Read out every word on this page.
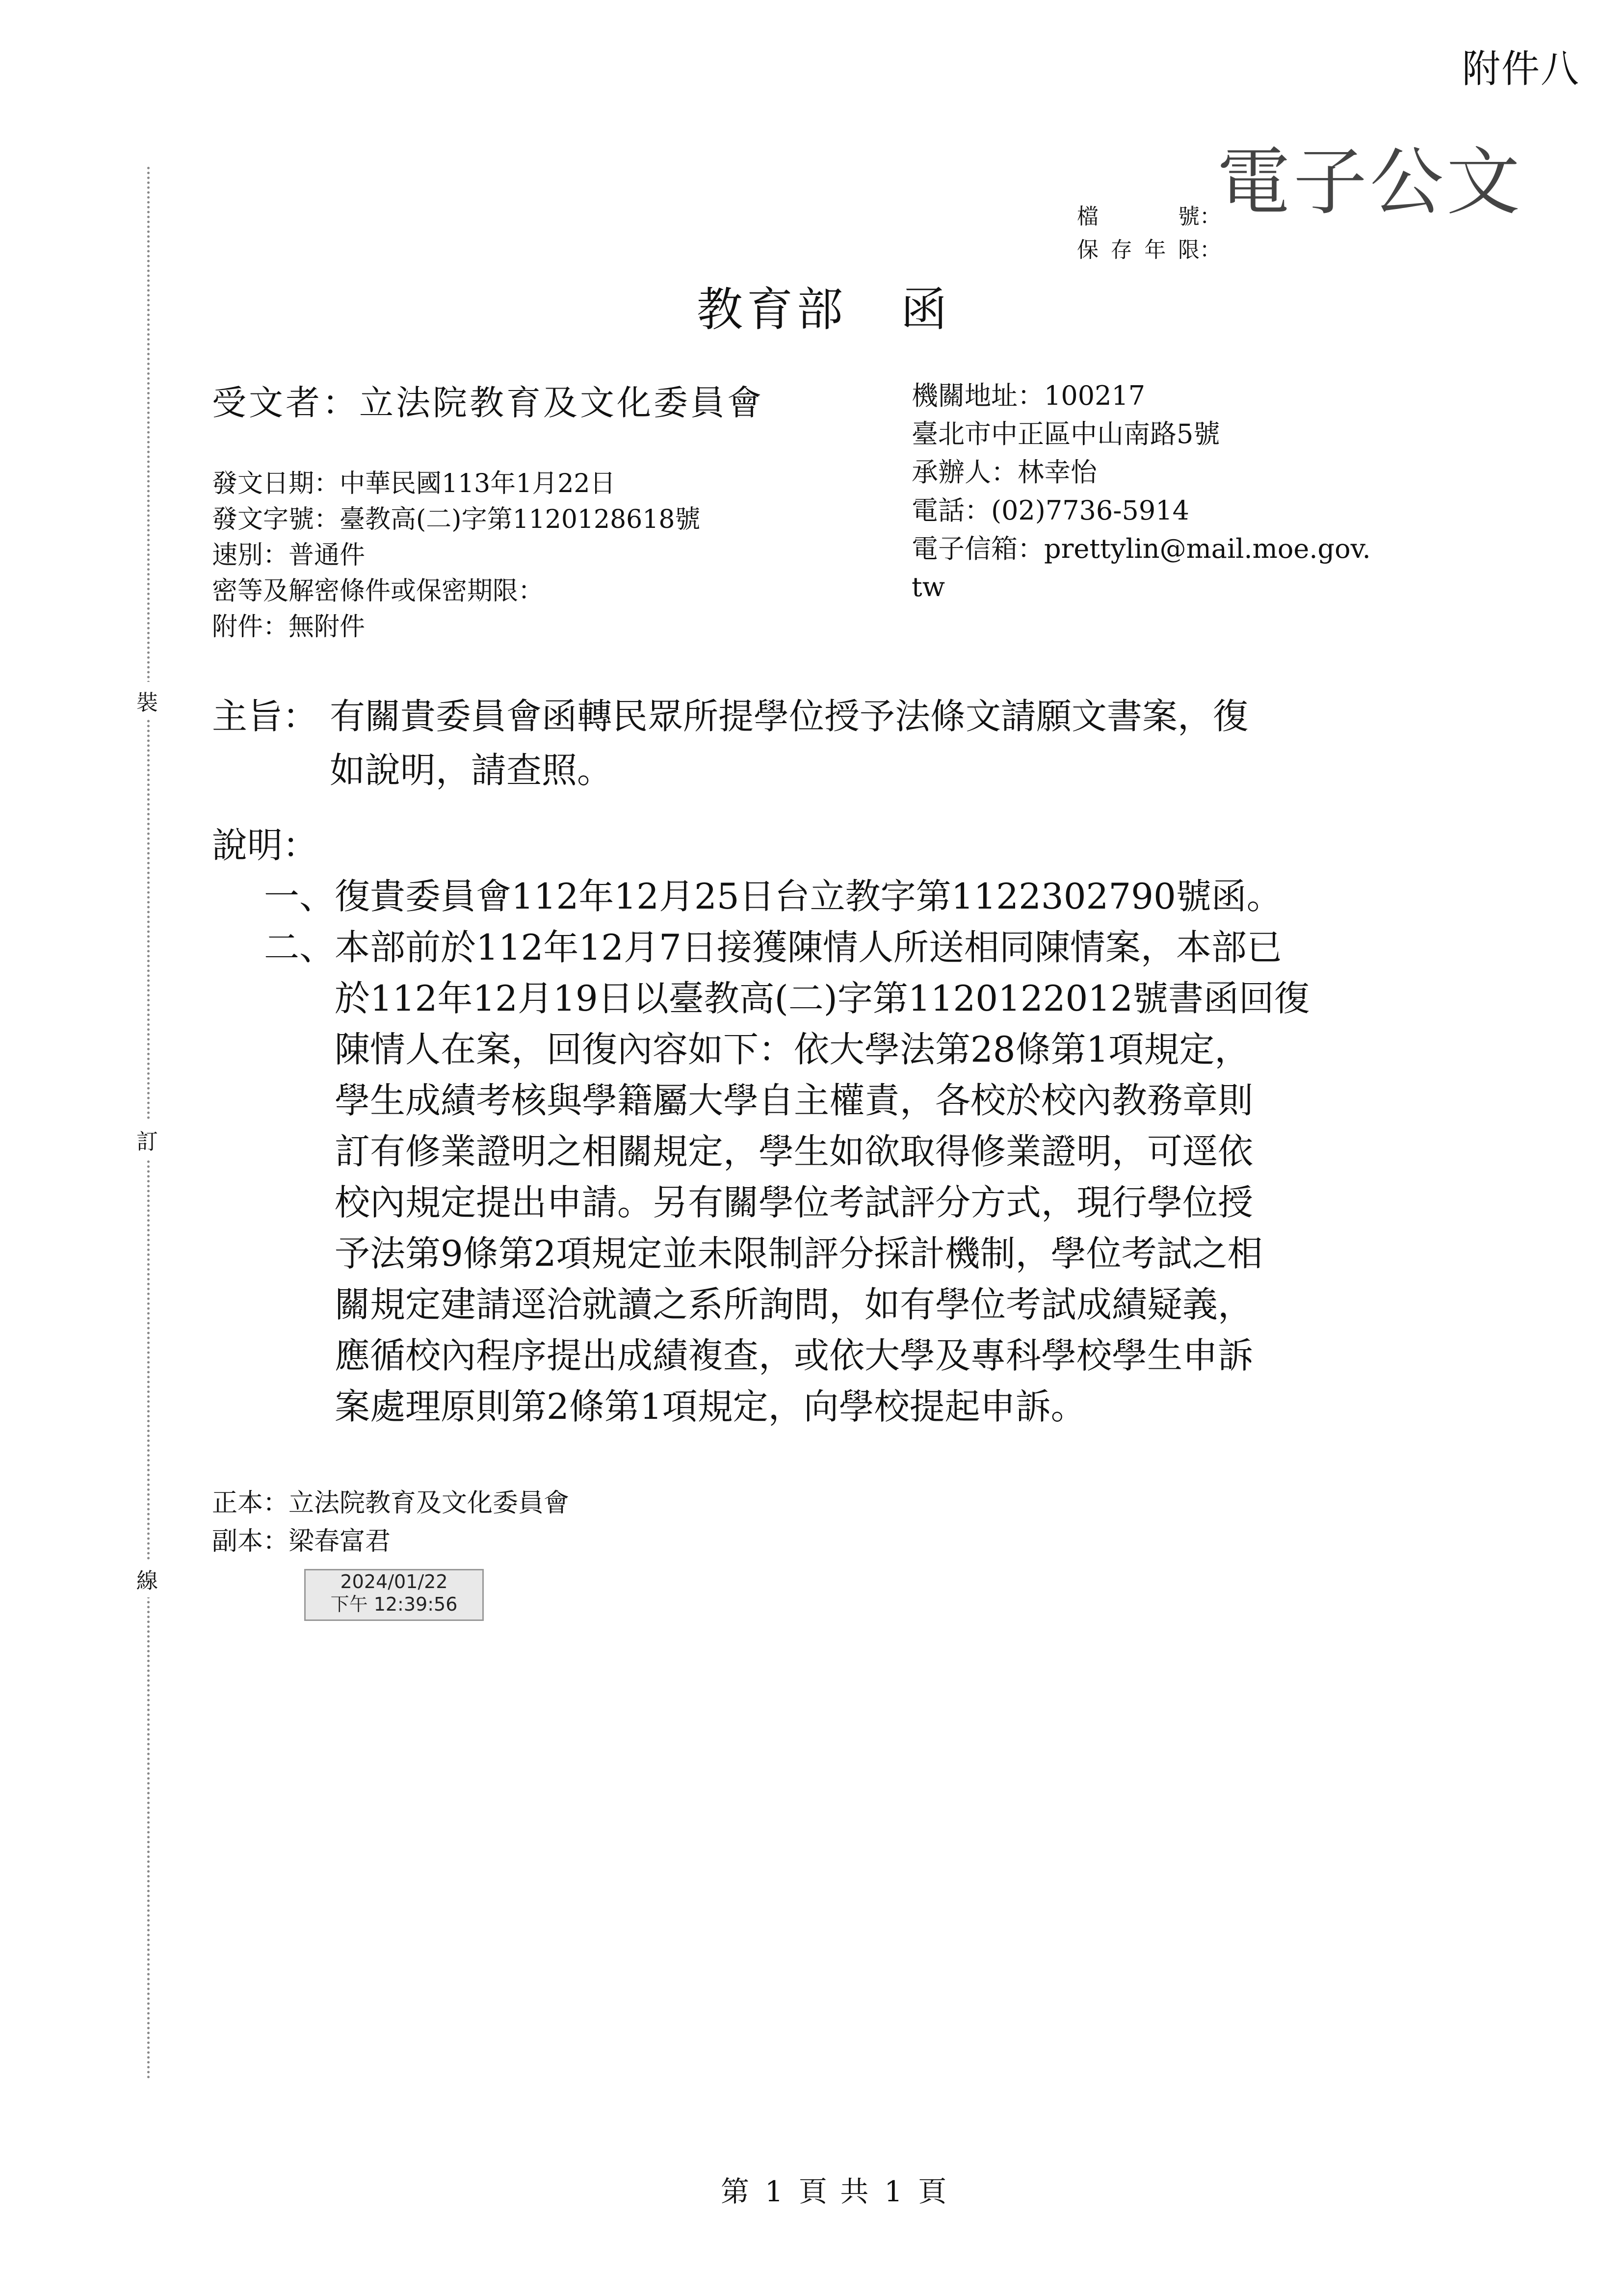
附件八
電子公文
檔　　號 ：
保存年限 ：
教育部 函
受文者：立法院教育及文化委員會	機關地址：100217
臺北市中正區中山南路5號
承辦人：林幸怡
電話：(02)7736-5914
電子信箱：prettylin@mail.moe.gov.
tw
發文日期：中華民國113年1月22日
發文字號：臺教高(二)字第1120128618號
速別：普通件
密等及解密條件或保密期限：
附件：無附件
主旨： 有關貴委員會函轉民眾所提學位授予法條文請願文書案，復
如說明，請查照。
說明：
一、 復貴委員會112年12月25日台立教字第1122302790號函。
二、 本部前於112年12月7日接獲陳情人所送相同陳情案，本部已
於112年12月19日以臺教高(二)字第1120122012號書函回復
陳情人在案，回復內容如下：依大學法第28條第1項規定，
學生成績考核與學籍屬大學自主權責，各校於校內教務章則
訂有修業證明之相關規定，學生如欲取得修業證明，可逕依
校內規定提出申請。另有關學位考試評分方式，現行學位授
予法第9條第2項規定並未限制評分採計機制，學位考試之相
關規定建請逕洽就讀之系所詢問，如有學位考試成績疑義，
應循校內程序提出成績複查，或依大學及專科學校學生申訴
案處理原則第2條第1項規定，向學校提起申訴。
正本：立法院教育及文化委員會
副本：梁春富君
2024/01/22
下午 12:39:56
裝
訂
線
第 1 頁 共 1 頁
